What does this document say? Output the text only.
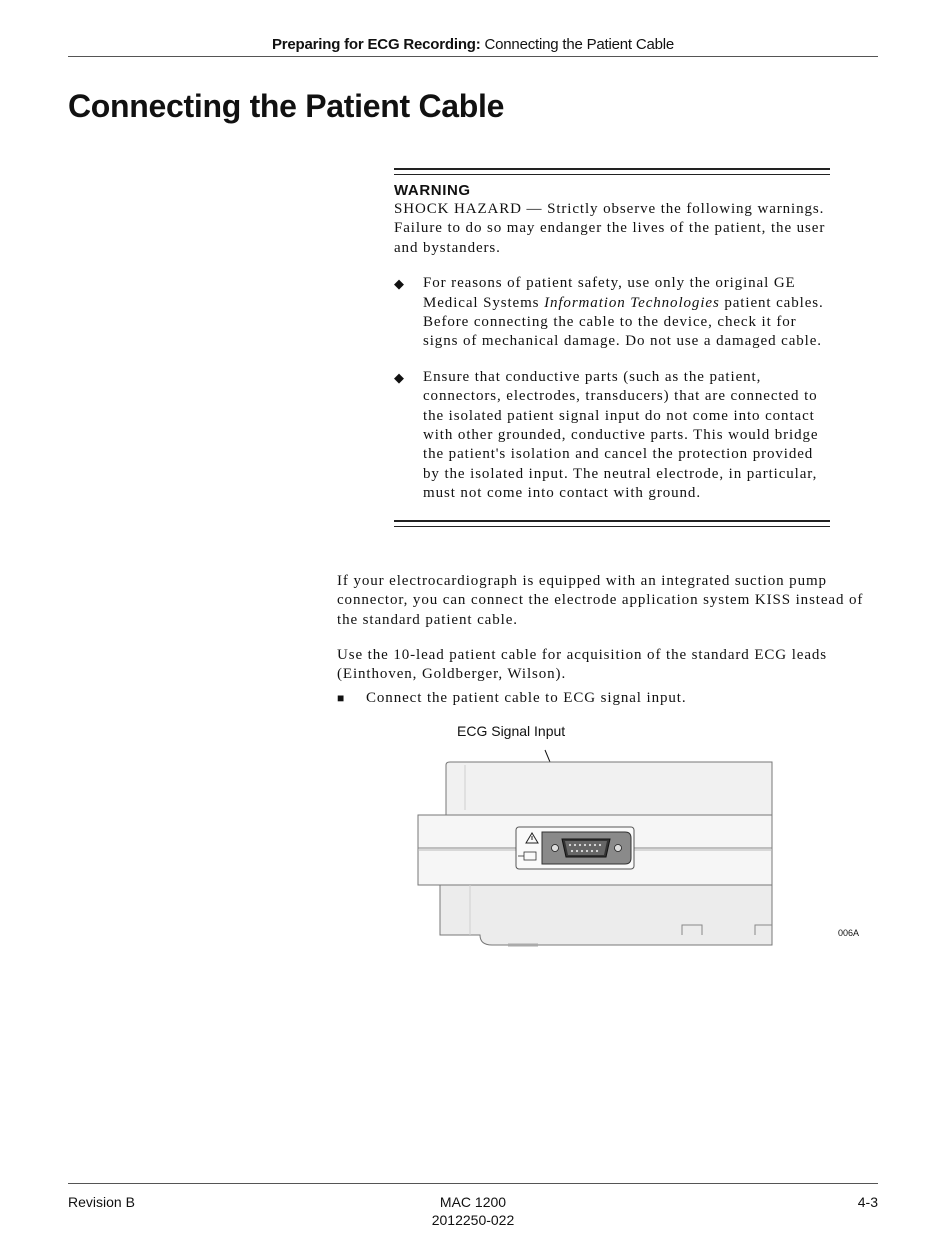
Preparing for ECG Recording: Connecting the Patient Cable
Connecting the Patient Cable
WARNING

SHOCK HAZARD — Strictly observe the following warnings. Failure to do so may endanger the lives of the patient, the user and bystanders.

◆	For reasons of patient safety, use only the original GE Medical Systems Information Technologies patient cables. Before connecting the cable to the device, check it for signs of mechanical damage. Do not use a damaged cable.
◆	Ensure that conductive parts (such as the patient, connectors, electrodes, transducers) that are connected to the isolated patient signal input do not come into contact with other grounded, conductive parts. This would bridge the patient's isolation and cancel the protection provided by the isolated input. The neutral electrode, in particular, must not come into contact with ground.

If your electrocardiograph is equipped with an integrated suction pump connector, you can connect the electrode application system KISS instead of the standard patient cable.

Use the 10-lead patient cable for acquisition of the standard ECG leads (Einthoven, Goldberger, Wilson).

■	Connect the patient cable to ECG signal input.
ECG Signal Input
006A
Revision B	MAC 1200
2012250-022
4-3
